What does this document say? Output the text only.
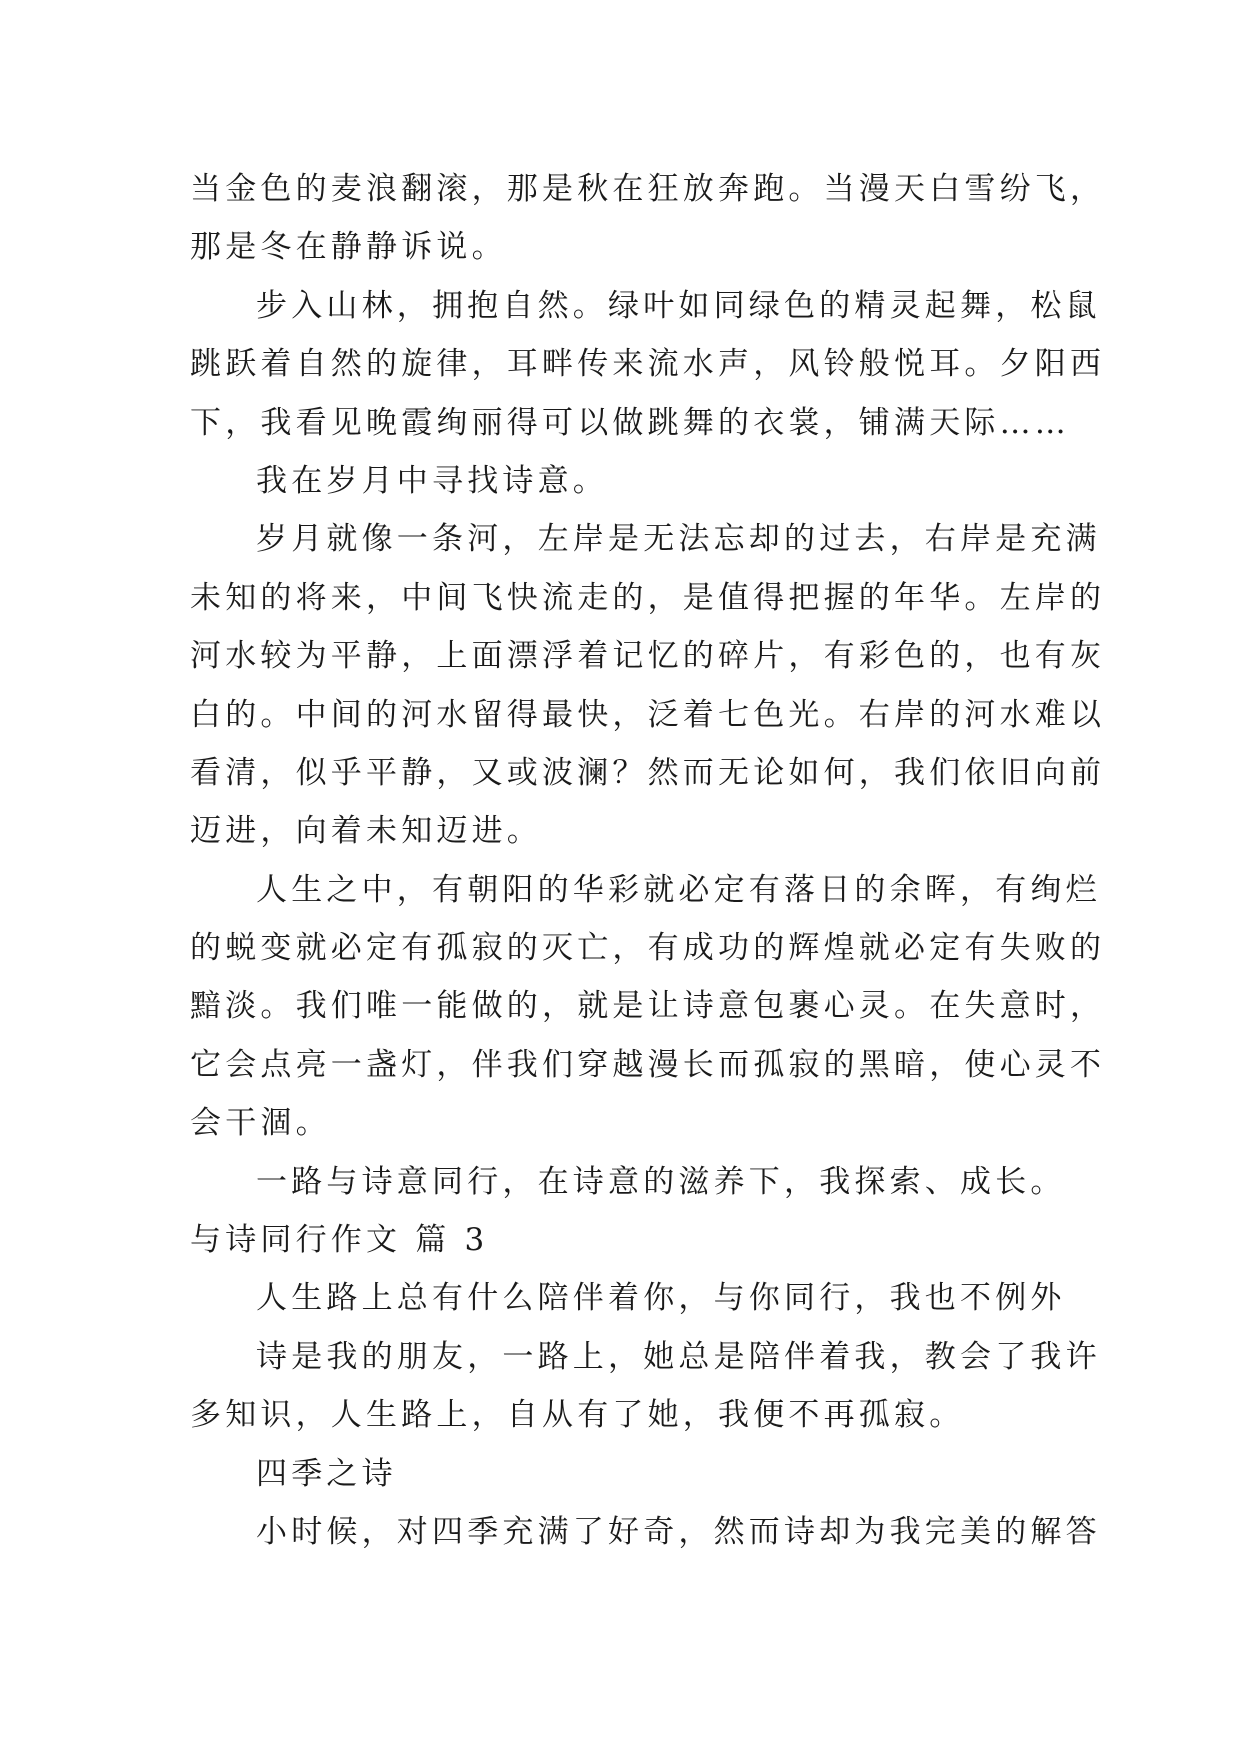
当金色的麦浪翻滚，那是秋在狂放奔跑。当漫天白雪纷飞，
那是冬在静静诉说。
步入山林，拥抱自然。绿叶如同绿色的精灵起舞，松鼠
跳跃着自然的旋律，耳畔传来流水声，风铃般悦耳。夕阳西
下，我看见晚霞绚丽得可以做跳舞的衣裳，铺满天际……
我在岁月中寻找诗意。
岁月就像一条河，左岸是无法忘却的过去，右岸是充满
未知的将来，中间飞快流走的，是值得把握的年华。左岸的
河水较为平静，上面漂浮着记忆的碎片，有彩色的，也有灰
白的。中间的河水留得最快，泛着七色光。右岸的河水难以
看清，似乎平静，又或波澜？然而无论如何，我们依旧向前
迈进，向着未知迈进。
人生之中，有朝阳的华彩就必定有落日的余晖，有绚烂
的蜕变就必定有孤寂的灭亡，有成功的辉煌就必定有失败的
黯淡。我们唯一能做的，就是让诗意包裹心灵。在失意时，
它会点亮一盏灯，伴我们穿越漫长而孤寂的黑暗，使心灵不
会干涸。
一路与诗意同行，在诗意的滋养下，我探索、成长。
与诗同行作文 篇 3
人生路上总有什么陪伴着你，与你同行，我也不例外
诗是我的朋友，一路上，她总是陪伴着我，教会了我许
多知识，人生路上，自从有了她，我便不再孤寂。
四季之诗
小时候，对四季充满了好奇，然而诗却为我完美的解答
